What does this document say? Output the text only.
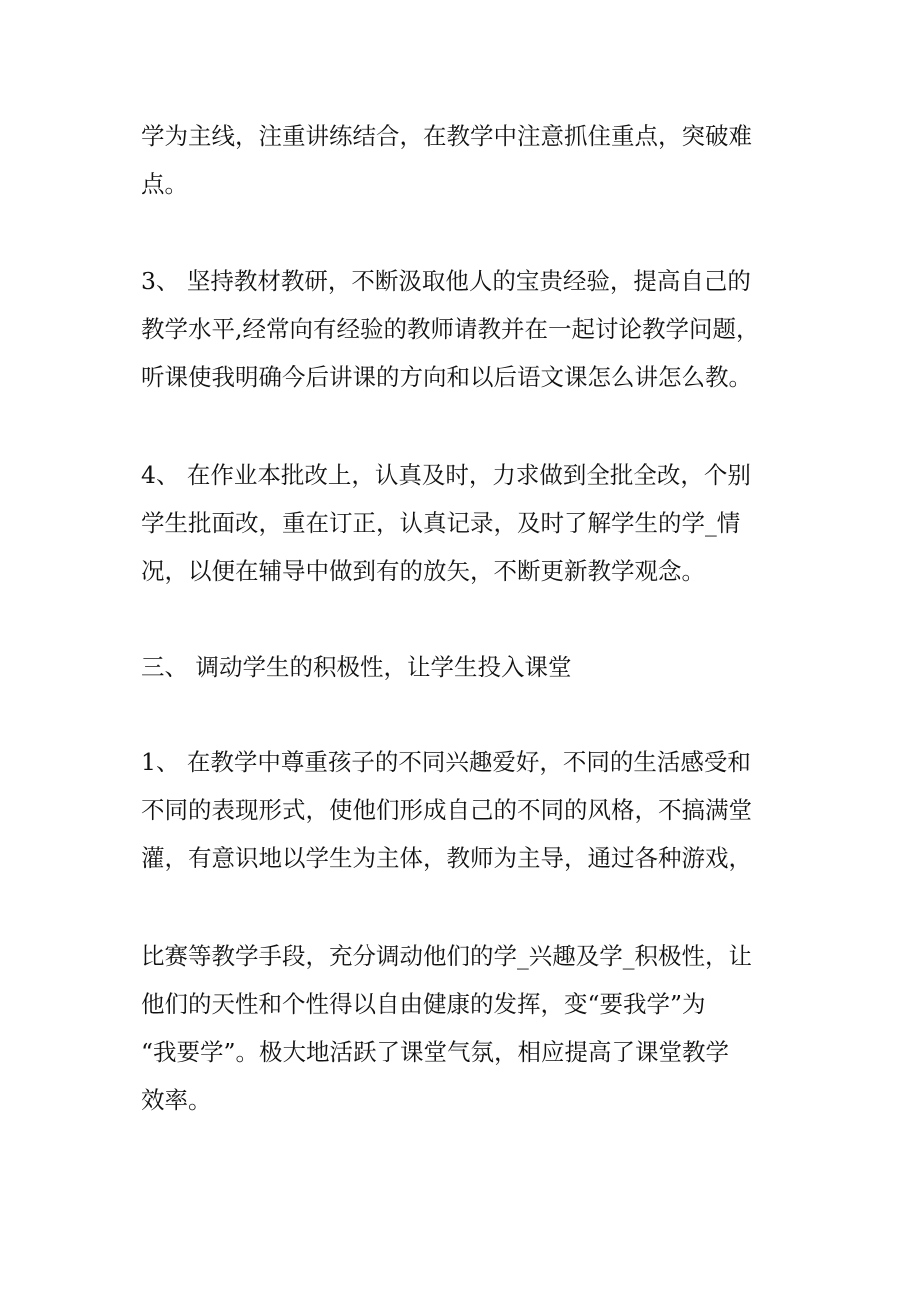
学为主线，注重讲练结合，在教学中注意抓住重点，突破难
点。

3、 坚持教材教研，不断汲取他人的宝贵经验，提高自己的
教学水平,经常向有经验的教师请教并在一起讨论教学问题，
听课使我明确今后讲课的方向和以后语文课怎么讲怎么教。

4、 在作业本批改上，认真及时，力求做到全批全改，个别
学生批面改，重在订正，认真记录，及时了解学生的学_情
况，以便在辅导中做到有的放矢，不断更新教学观念。

三、 调动学生的积极性，让学生投入课堂

1、 在教学中尊重孩子的不同兴趣爱好，不同的生活感受和
不同的表现形式，使他们形成自己的不同的风格，不搞满堂
灌，有意识地以学生为主体，教师为主导，通过各种游戏，

比赛等教学手段，充分调动他们的学_兴趣及学_积极性，让
他们的天性和个性得以自由健康的发挥，变“要我学”为
“我要学”。极大地活跃了课堂气氛，相应提高了课堂教学
效率。
